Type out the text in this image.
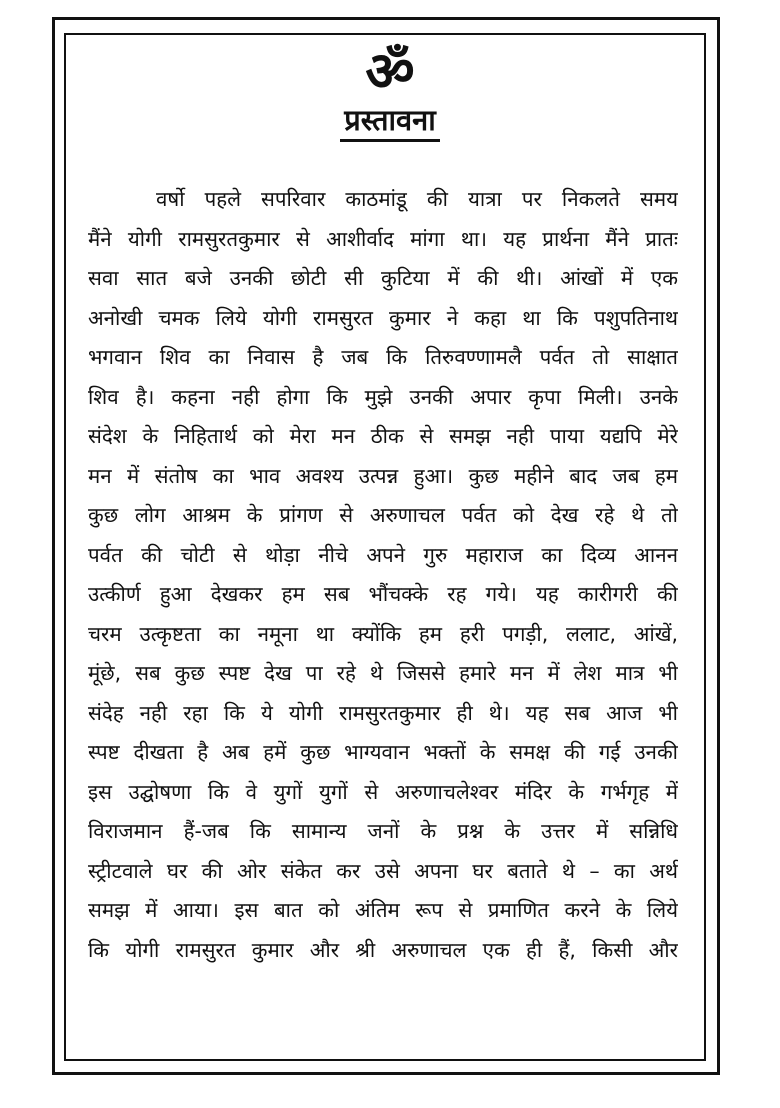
ॐ
प्रस्तावना
वर्षो पहले सपरिवार काठमांडू की यात्रा पर निकलते समय
मैंने योगी रामसुरतकुमार से आशीर्वाद मांगा था। यह प्रार्थना मैंने प्रातः
सवा सात बजे उनकी छोटी सी कुटिया में की थी। आंखों में एक
अनोखी चमक लिये योगी रामसुरत कुमार ने कहा था कि पशुपतिनाथ
भगवान शिव का निवास है जब कि तिरुवण्णामलै पर्वत तो साक्षात
शिव है। कहना नही होगा कि मुझे उनकी अपार कृपा मिली। उनके
संदेश के निहितार्थ को मेरा मन ठीक से समझ नही पाया यद्यपि मेरे
मन में संतोष का भाव अवश्य उत्पन्न हुआ। कुछ महीने बाद जब हम
कुछ लोग आश्रम के प्रांगण से अरुणाचल पर्वत को देख रहे थे तो
पर्वत की चोटी से थोड़ा नीचे अपने गुरु महाराज का दिव्य आनन
उत्कीर्ण हुआ देखकर हम सब भौंचक्के रह गये। यह कारीगरी की
चरम उत्कृष्टता का नमूना था क्योंकि हम हरी पगड़ी, ललाट, आंखें,
मूंछे, सब कुछ स्पष्ट देख पा रहे थे जिससे हमारे मन में लेश मात्र भी
संदेह नही रहा कि ये योगी रामसुरतकुमार ही थे। यह सब आज भी
स्पष्ट दीखता है अब हमें कुछ भाग्यवान भक्तों के समक्ष की गई उनकी
इस उद्घोषणा कि वे युगों युगों से अरुणाचलेश्वर मंदिर के गर्भगृह में
विराजमान हैं-जब कि सामान्य जनों के प्रश्न के उत्तर में सन्निधि
स्ट्रीटवाले घर की ओर संकेत कर उसे अपना घर बताते थे – का अर्थ
समझ में आया। इस बात को अंतिम रूप से प्रमाणित करने के लिये
कि योगी रामसुरत कुमार और श्री अरुणाचल एक ही हैं, किसी और
